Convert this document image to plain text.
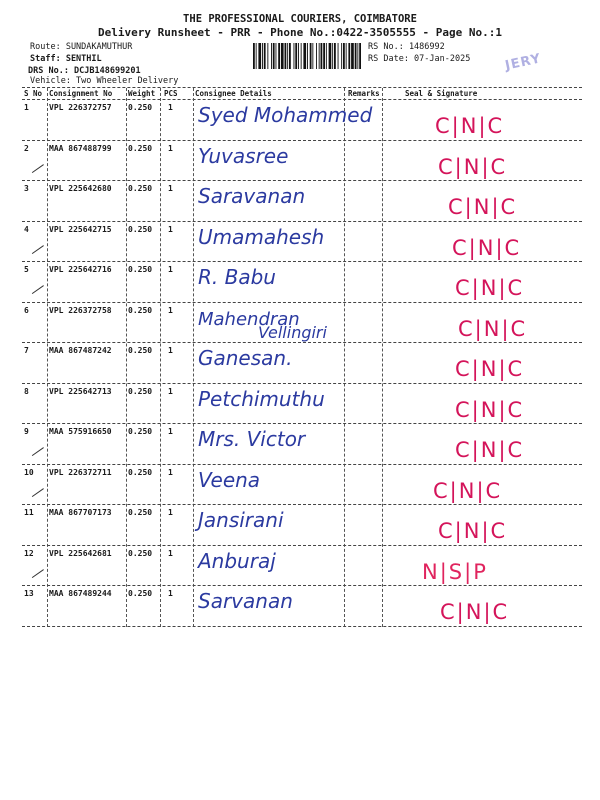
THE PROFESSIONAL COURIERS, COIMBATORE
Delivery Runsheet - PRR - Phone No.:0422-3505555 - Page No.:1
Route: SUNDAKAMUTHUR
Staff: SENTHIL
DRS No.: DCJB148699201
Vehicle: Two Wheeler Delivery
RS No.: 1486992
RS Date: 07-Jan-2025	JERY
S No Consignment No Weight PCS Consignee Details	Remarks	Seal & Signature
1	VPL 226372757 0.250 1 Syed Mohammed	C|N|C
2	MAA 867488799 0.250 1 Yuvasree	C|N|C
3	VPL 225642680 0.250 1 Saravanan	C|N|C
4	VPL 225642715 0.250 1 Umamahesh	C|N|C
5	VPL 225642716 0.250 1 R. Babu	C|N|C
6	VPL 226372758 0.250 1 Mahendran
Vellingiri	C|N|C
7	MAA 867487242 0.250 1 Ganesan.	C|N|C
8	VPL 225642713 0.250 1 Petchimuthu	C|N|C
9	MAA 575916650 0.250 1 Mrs. Victor	C|N|C
10 VPL 226372711 0.250 1 Veena	C|N|C
11 MAA 867707173 0.250 1 Jansirani	C|N|C
12 VPL 225642681 0.250 1 Anburaj	N|S|P
13 MAA 867489244 0.250 1 Sarvanan	C|N|C
